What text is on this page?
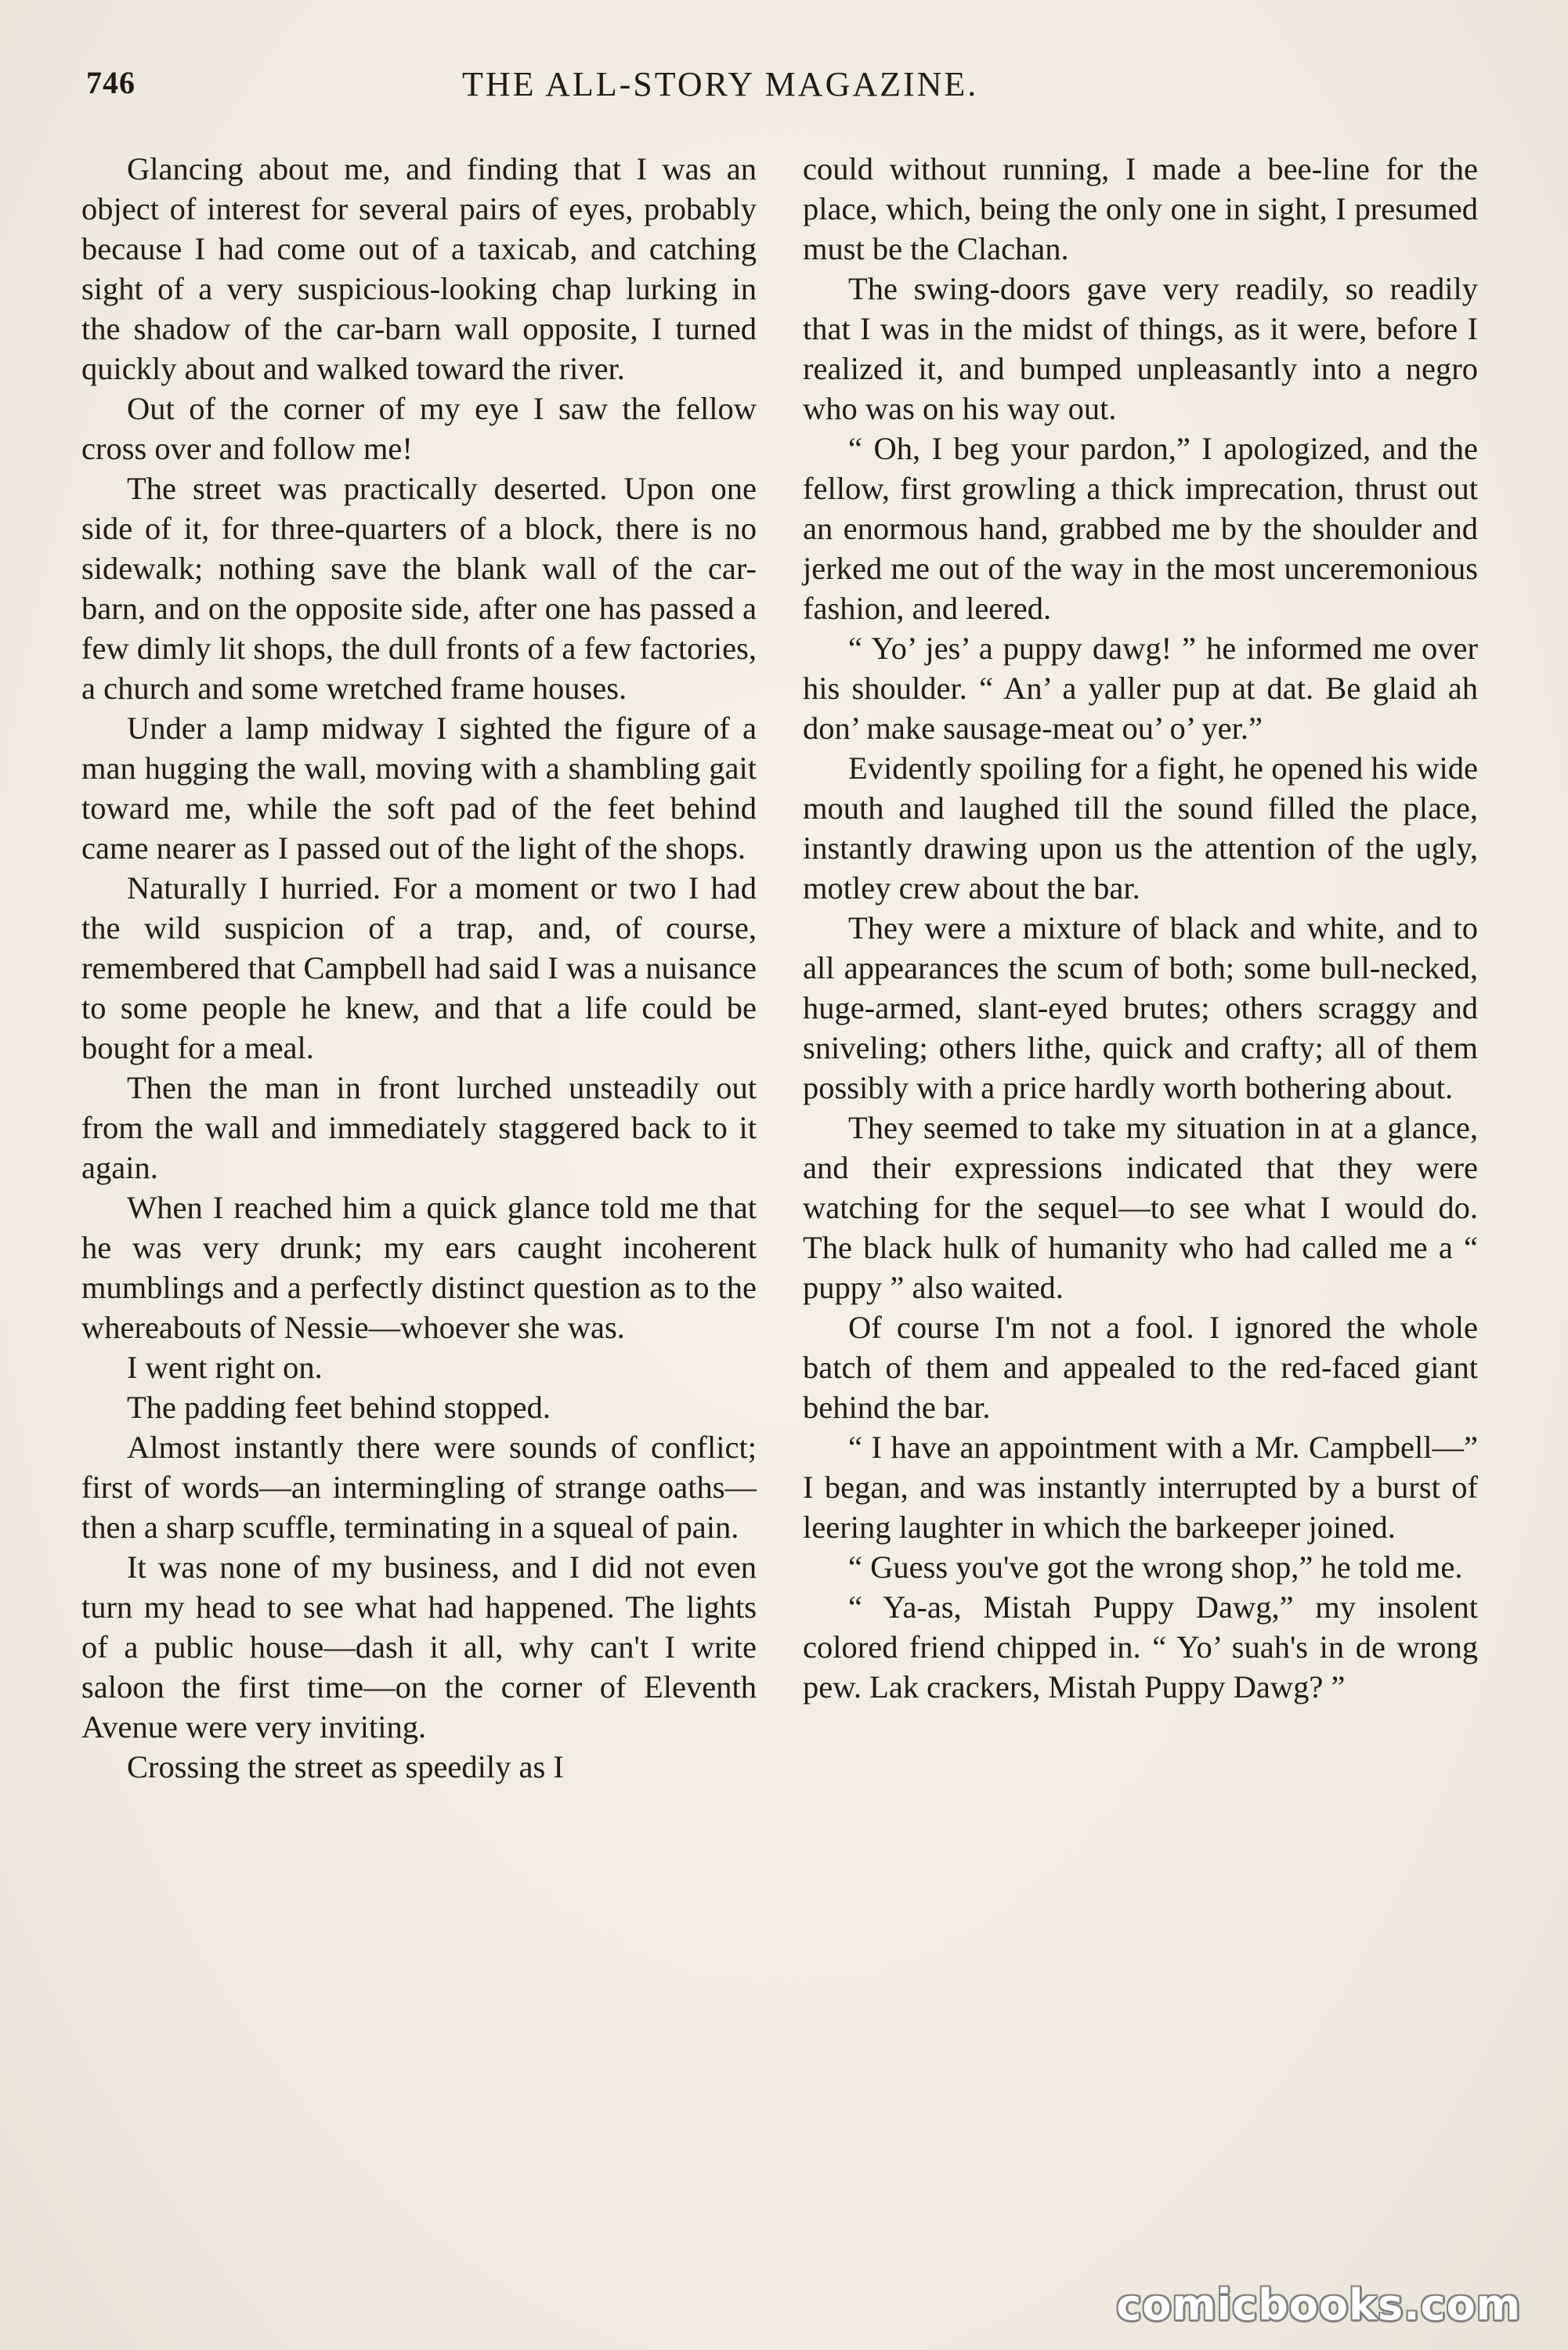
746	THE ALL-STORY MAGAZINE.

Glancing about me, and finding that I was an object of interest for several pairs of eyes, probably because I had come out of a taxicab, and catching sight of a very suspicious-looking chap lurking in the shadow of the car-barn wall opposite, I turned quickly about and walked toward the river.

Out of the corner of my eye I saw the fellow cross over and follow me!

The street was practically deserted. Upon one side of it, for three-quarters of a block, there is no sidewalk; nothing save the blank wall of the car-barn, and on the opposite side, after one has passed a few dimly lit shops, the dull fronts of a few factories, a church and some wretched frame houses.

Under a lamp midway I sighted the figure of a man hugging the wall, moving with a shambling gait toward me, while the soft pad of the feet behind came nearer as I passed out of the light of the shops.

Naturally I hurried. For a moment or two I had the wild suspicion of a trap, and, of course, remembered that Campbell had said I was a nuisance to some people he knew, and that a life could be bought for a meal.

Then the man in front lurched unsteadily out from the wall and immediately staggered back to it again.

When I reached him a quick glance told me that he was very drunk; my ears caught incoherent mumblings and a perfectly distinct question as to the whereabouts of Nessie—whoever she was.

I went right on.

The padding feet behind stopped.

Almost instantly there were sounds of conflict; first of words—an intermingling of strange oaths—then a sharp scuffle, terminating in a squeal of pain.

It was none of my business, and I did not even turn my head to see what had happened. The lights of a public house—dash it all, why can't I write saloon the first time—on the corner of Eleventh Avenue were very inviting.

Crossing the street as speedily as I

could without running, I made a bee-line for the place, which, being the only one in sight, I presumed must be the Clachan.

The swing-doors gave very readily, so readily that I was in the midst of things, as it were, before I realized it, and bumped unpleasantly into a negro who was on his way out.

“ Oh, I beg your pardon,” I apologized, and the fellow, first growling a thick imprecation, thrust out an enormous hand, grabbed me by the shoulder and jerked me out of the way in the most unceremonious fashion, and leered.

“ Yo’ jes’ a puppy dawg! ” he informed me over his shoulder. “ An’ a yaller pup at dat. Be glaid ah don’ make sausage-meat ou’ o’ yer.”

Evidently spoiling for a fight, he opened his wide mouth and laughed till the sound filled the place, instantly drawing upon us the attention of the ugly, motley crew about the bar.

They were a mixture of black and white, and to all appearances the scum of both; some bull-necked, huge-armed, slant-eyed brutes; others scraggy and sniveling; others lithe, quick and crafty; all of them possibly with a price hardly worth bothering about.

They seemed to take my situation in at a glance, and their expressions indicated that they were watching for the sequel—to see what I would do. The black hulk of humanity who had called me a “ puppy ” also waited.

Of course I'm not a fool. I ignored the whole batch of them and appealed to the red-faced giant behind the bar.

“ I have an appointment with a Mr. Campbell—” I began, and was instantly interrupted by a burst of leering laughter in which the barkeeper joined.

“ Guess you've got the wrong shop,” he told me.

“ Ya-as, Mistah Puppy Dawg,” my insolent colored friend chipped in. “ Yo’ suah's in de wrong pew. Lak crackers, Mistah Puppy Dawg? ”

comicbooks.com
